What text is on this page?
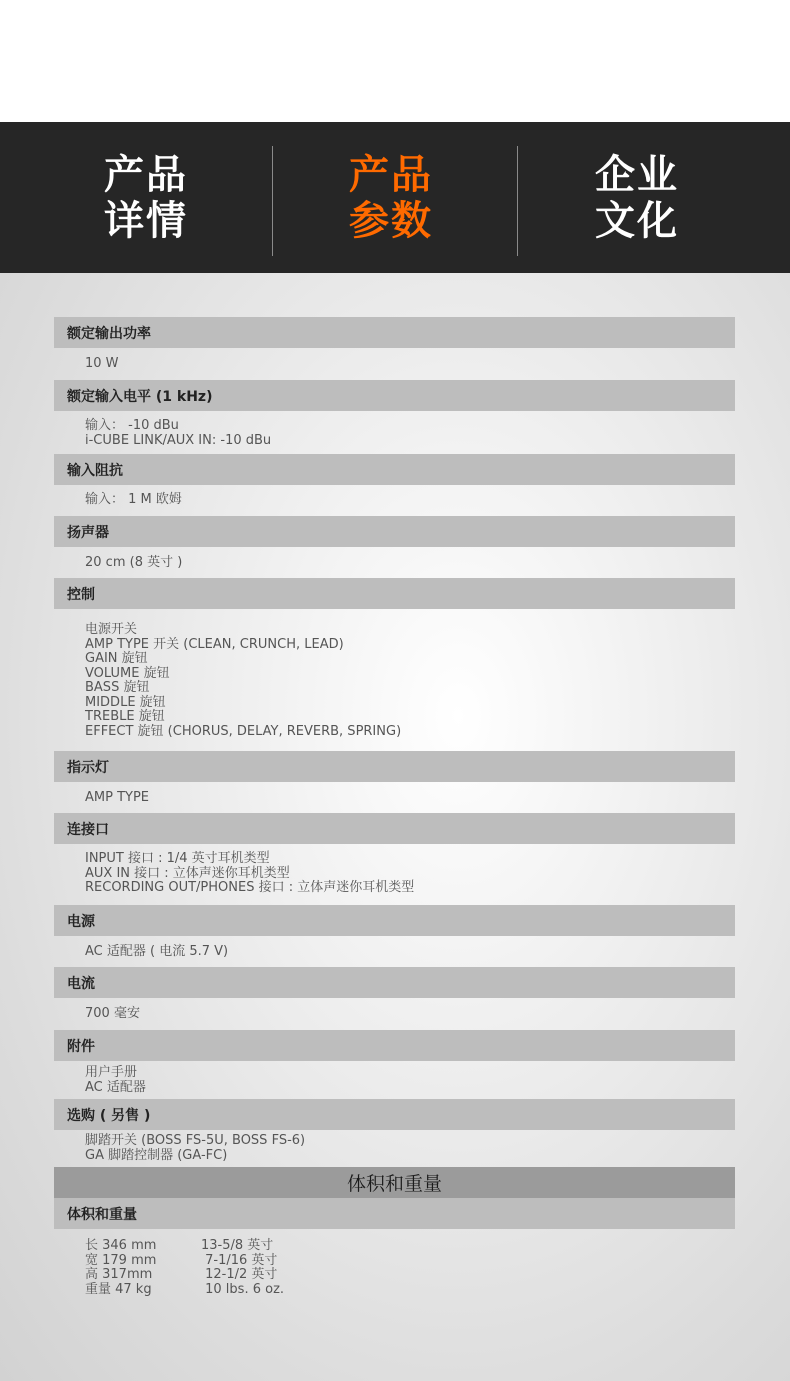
产品
详情
产品
参数
企业
文化
额定输出功率
10 W
额定输入电平 (1 kHz)
输入： -10 dBu
i-CUBE LINK/AUX IN: -10 dBu
输入阻抗
输入： 1 M 欧姆
扬声器
20 cm (8 英寸 )
控制
电源开关
AMP TYPE 开关 (CLEAN, CRUNCH, LEAD)
GAIN 旋钮
VOLUME 旋钮
BASS 旋钮
MIDDLE 旋钮
TREBLE 旋钮
EFFECT 旋钮 (CHORUS, DELAY, REVERB, SPRING)
指示灯
AMP TYPE
连接口
INPUT 接口 : 1/4 英寸耳机类型
AUX IN 接口 : 立体声迷你耳机类型
RECORDING OUT/PHONES 接口 : 立体声迷你耳机类型
电源
AC 适配器 ( 电流 5.7 V)
电流
700 毫安
附件
用户手册
AC 适配器
选购 ( 另售 )
脚踏开关 (BOSS FS-5U, BOSS FS-6)
GA 脚踏控制器 (GA-FC)
体积和重量
体积和重量
长 346 mm	13-5/8 英寸
宽 179 mm	7-1/16 英寸
高 317mm	12-1/2 英寸
重量 47 kg	10 lbs. 6 oz.
